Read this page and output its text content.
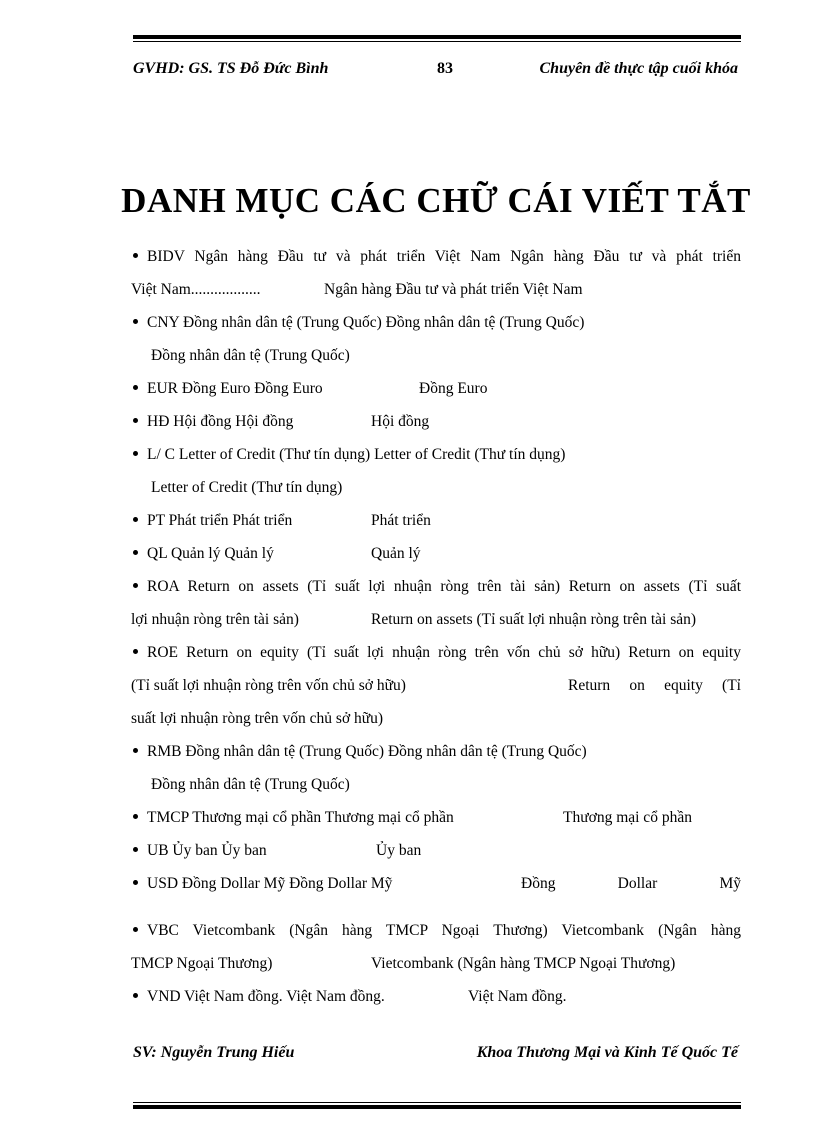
GVHD: GS. TS Đỗ Đức Bình	83	Chuyên đề thực tập cuối khóa
DANH MỤC CÁC CHỮ CÁI VIẾT TẮT
BIDV Ngân hàng Đầu tư và phát triển Việt Nam Ngân hàng Đầu tư và phát triển
Việt Nam..................	Ngân hàng Đầu tư và phát triển Việt Nam
CNY Đồng nhân dân tệ (Trung Quốc) Đồng nhân dân tệ (Trung Quốc)
Đồng nhân dân tệ (Trung Quốc)
EUR Đồng Euro Đồng Euro	Đồng Euro
HĐ Hội đồng Hội đồng	Hội đồng
L/ C Letter of Credit (Thư tín dụng) Letter of Credit (Thư tín dụng)
Letter of Credit (Thư tín dụng)
PT Phát triển Phát triển	Phát triển
QL Quản lý Quản lý	Quản lý
ROA Return on assets (Tỉ suất lợi nhuận ròng trên tài sản) Return on assets (Tỉ suất
lợi nhuận ròng trên tài sản)	Return on assets (Tỉ suất lợi nhuận ròng trên tài sản)
ROE Return on equity (Tỉ suất lợi nhuận ròng trên vốn chủ sở hữu) Return on equity
(Tỉ suất lợi nhuận ròng trên vốn chủ sở hữu)	Return on equity (Tỉ
suất lợi nhuận ròng trên vốn chủ sở hữu)
RMB Đồng nhân dân tệ (Trung Quốc) Đồng nhân dân tệ (Trung Quốc)
Đồng nhân dân tệ (Trung Quốc)
TMCP Thương mại cổ phần Thương mại cổ phần	Thương mại cổ phần
UB Ủy ban Ủy ban	Ủy ban
USD Đồng Dollar Mỹ Đồng Dollar Mỹ	Đồng Dollar Mỹ
VBC Vietcombank (Ngân hàng TMCP Ngoại Thương) Vietcombank (Ngân hàng
TMCP Ngoại Thương)	Vietcombank (Ngân hàng TMCP Ngoại Thương)
VND Việt Nam đồng. Việt Nam đồng.	Việt Nam đồng.
SV: Nguyễn Trung Hiếu	Khoa Thương Mại và Kinh Tế Quốc Tế
